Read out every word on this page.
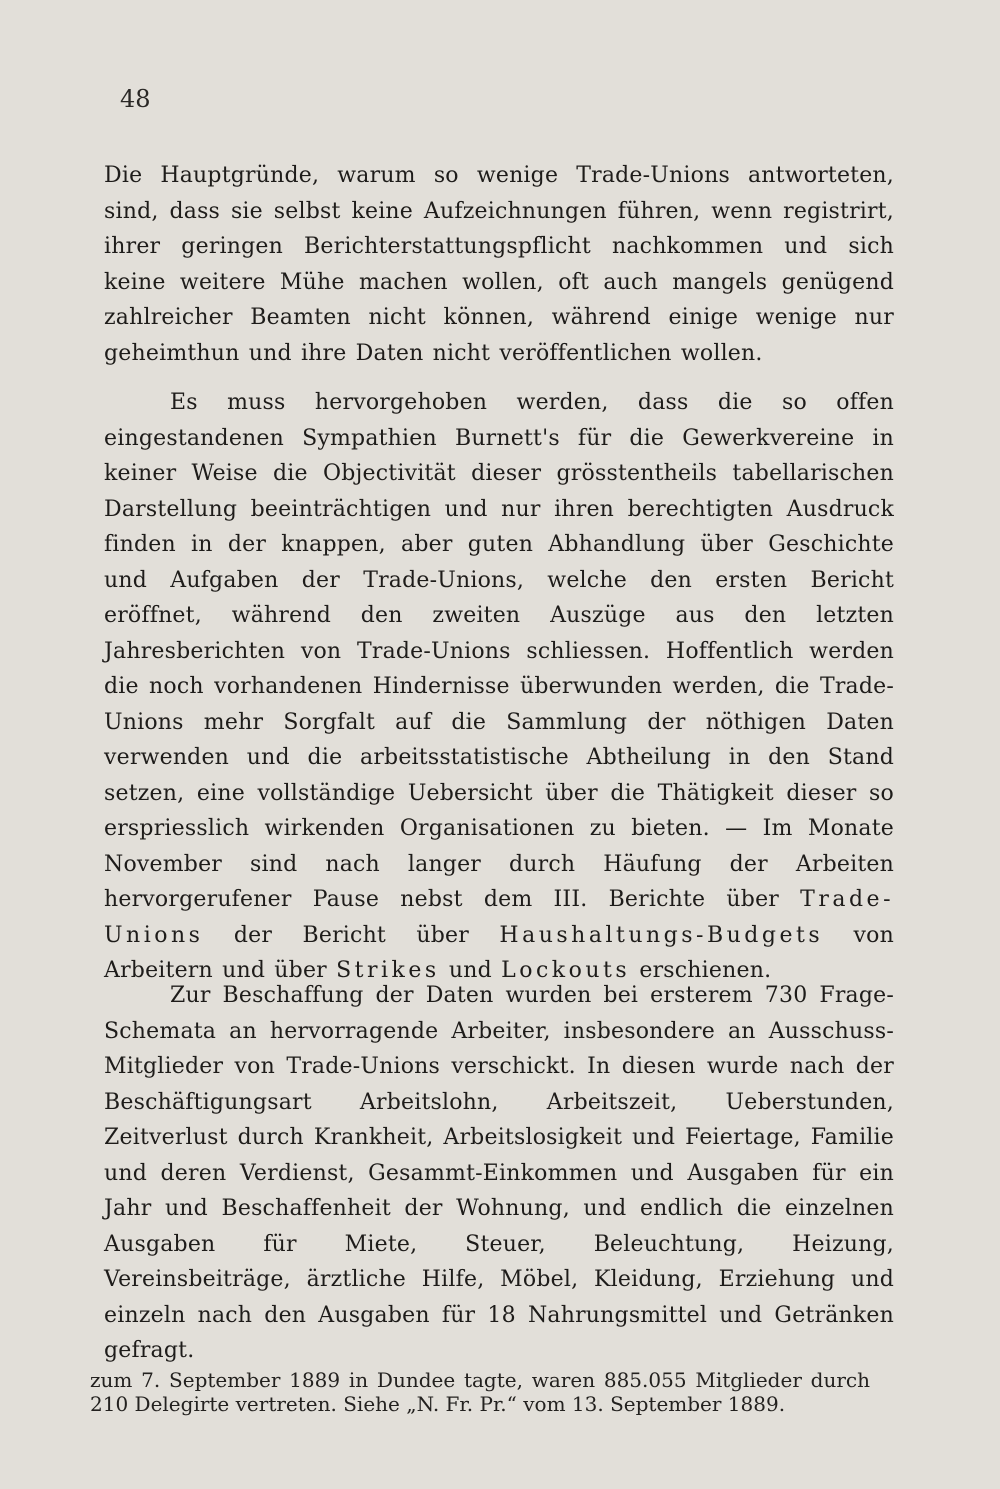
48

Die Hauptgründe, warum so wenige Trade-Unions antworteten, sind, dass sie selbst keine Aufzeichnungen führen, wenn registrirt, ihrer geringen Berichterstattungspflicht nachkommen und sich keine weitere Mühe machen wollen, oft auch mangels genügend zahlreicher Beamten nicht können, während einige wenige nur geheimthun und ihre Daten nicht veröffentlichen wollen.

Es muss hervorgehoben werden, dass die so offen eingestandenen Sympathien Burnett's für die Gewerkvereine in keiner Weise die Objectivität dieser grösstentheils tabellarischen Darstellung beeinträchtigen und nur ihren berechtigten Ausdruck finden in der knappen, aber guten Abhandlung über Geschichte und Aufgaben der Trade-Unions, welche den ersten Bericht eröffnet, während den zweiten Auszüge aus den letzten Jahresberichten von Trade-Unions schliessen. Hoffentlich werden die noch vorhandenen Hindernisse überwunden werden, die Trade-Unions mehr Sorgfalt auf die Sammlung der nöthigen Daten verwenden und die arbeitsstatistische Abtheilung in den Stand setzen, eine vollständige Uebersicht über die Thätigkeit dieser so erspriesslich wirkenden Organisationen zu bieten. — Im Monate November sind nach langer durch Häufung der Arbeiten hervorgerufener Pause nebst dem III. Berichte über Trade-Unions der Bericht über Haushaltungs-Budgets von Arbeitern und über Strikes und Lockouts erschienen.

Zur Beschaffung der Daten wurden bei ersterem 730 Frage-Schemata an hervorragende Arbeiter, insbesondere an Ausschuss-Mitglieder von Trade-Unions verschickt. In diesen wurde nach der Beschäftigungsart Arbeitslohn, Arbeitszeit, Ueberstunden, Zeitverlust durch Krankheit, Arbeitslosigkeit und Feiertage, Familie und deren Verdienst, Gesammt-Einkommen und Ausgaben für ein Jahr und Beschaffenheit der Wohnung, und endlich die einzelnen Ausgaben für Miete, Steuer, Beleuchtung, Heizung, Vereinsbeiträge, ärztliche Hilfe, Möbel, Kleidung, Erziehung und einzeln nach den Ausgaben für 18 Nahrungsmittel und Getränken gefragt.

zum 7. September 1889 in Dundee tagte, waren 885.055 Mitglieder durch 210 Delegirte vertreten. Siehe „N. Fr. Pr.“ vom 13. September 1889.
